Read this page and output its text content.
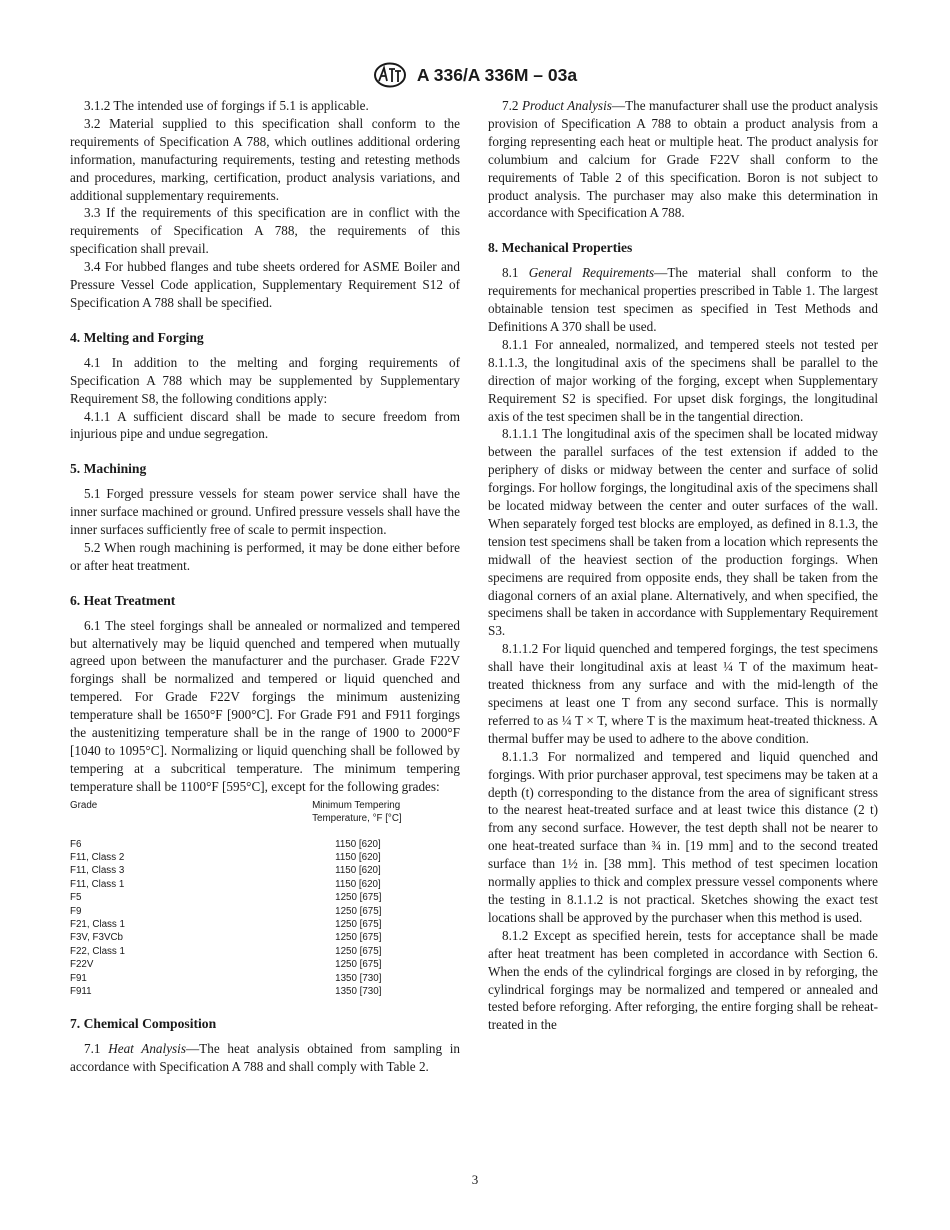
A 336/A 336M – 03a

3.1.2 The intended use of forgings if 5.1 is applicable.

3.2 Material supplied to this specification shall conform to the requirements of Specification A 788, which outlines additional ordering information, manufacturing requirements, testing and retesting methods and procedures, marking, certification, product analysis variations, and additional supplementary requirements.

3.3 If the requirements of this specification are in conflict with the requirements of Specification A 788, the requirements of this specification shall prevail.

3.4 For hubbed flanges and tube sheets ordered for ASME Boiler and Pressure Vessel Code application, Supplementary Requirement S12 of Specification A 788 shall be specified.

4. Melting and Forging

4.1 In addition to the melting and forging requirements of Specification A 788 which may be supplemented by Supplementary Requirement S8, the following conditions apply:

4.1.1 A sufficient discard shall be made to secure freedom from injurious pipe and undue segregation.

5. Machining

5.1 Forged pressure vessels for steam power service shall have the inner surface machined or ground. Unfired pressure vessels shall have the inner surfaces sufficiently free of scale to permit inspection.

5.2 When rough machining is performed, it may be done either before or after heat treatment.

6. Heat Treatment

6.1 The steel forgings shall be annealed or normalized and tempered but alternatively may be liquid quenched and tempered when mutually agreed upon between the manufacturer and the purchaser. Grade F22V forgings shall be normalized and tempered or liquid quenched and tempered. For Grade F22V forgings the minimum austenizing temperature shall be 1650°F [900°C]. For Grade F91 and F911 forgings the austenitizing temperature shall be in the range of 1900 to 2000°F [1040 to 1095°C]. Normalizing or liquid quenching shall be followed by tempering at a subcritical temperature. The minimum tempering temperature shall be 1100°F [595°C], except for the following grades:

Grade	Minimum Tempering
Temperature, °F [°C]
F6	1150 [620]
F11, Class 2	1150 [620]
F11, Class 3	1150 [620]
F11, Class 1	1150 [620]
F5	1250 [675]
F9	1250 [675]
F21, Class 1	1250 [675]
F3V, F3VCb	1250 [675]
F22, Class 1	1250 [675]
F22V	1250 [675]
F91	1350 [730]
F911	1350 [730]
7. Chemical Composition

7.1 Heat Analysis—The heat analysis obtained from sampling in accordance with Specification A 788 and shall comply with Table 2.

7.2 Product Analysis—The manufacturer shall use the product analysis provision of Specification A 788 to obtain a product analysis from a forging representing each heat or multiple heat. The product analysis for columbium and calcium for Grade F22V shall conform to the requirements of Table 2 of this specification. Boron is not subject to product analysis. The purchaser may also make this determination in accordance with Specification A 788.

8. Mechanical Properties

8.1 General Requirements—The material shall conform to the requirements for mechanical properties prescribed in Table 1. The largest obtainable tension test specimen as specified in Test Methods and Definitions A 370 shall be used.

8.1.1 For annealed, normalized, and tempered steels not tested per 8.1.1.3, the longitudinal axis of the specimens shall be parallel to the direction of major working of the forging, except when Supplementary Requirement S2 is specified. For upset disk forgings, the longitudinal axis of the test specimen shall be in the tangential direction.

8.1.1.1 The longitudinal axis of the specimen shall be located midway between the parallel surfaces of the test extension if added to the periphery of disks or midway between the center and surface of solid forgings. For hollow forgings, the longitudinal axis of the specimens shall be located midway between the center and outer surfaces of the wall. When separately forged test blocks are employed, as defined in 8.1.3, the tension test specimens shall be taken from a location which represents the midwall of the heaviest section of the production forgings. When specimens are required from opposite ends, they shall be taken from the diagonal corners of an axial plane. Alternatively, and when specified, the specimens shall be taken in accordance with Supplementary Requirement S3.

8.1.1.2 For liquid quenched and tempered forgings, the test specimens shall have their longitudinal axis at least ¼ T of the maximum heat-treated thickness from any surface and with the mid-length of the specimens at least one T from any second surface. This is normally referred to as ¼ T × T, where T is the maximum heat-treated thickness. A thermal buffer may be used to adhere to the above condition.

8.1.1.3 For normalized and tempered and liquid quenched and forgings. With prior purchaser approval, test specimens may be taken at a depth (t) corresponding to the distance from the area of significant stress to the nearest heat-treated surface and at least twice this distance (2 t) from any second surface. However, the test depth shall not be nearer to one heat-treated surface than ¾ in. [19 mm] and to the second treated surface than 1½ in. [38 mm]. This method of test specimen location normally applies to thick and complex pressure vessel components where the testing in 8.1.1.2 is not practical. Sketches showing the exact test locations shall be approved by the purchaser when this method is used.

8.1.2 Except as specified herein, tests for acceptance shall be made after heat treatment has been completed in accordance with Section 6. When the ends of the cylindrical forgings are closed in by reforging, the cylindrical forgings may be normalized and tempered or annealed and tested before reforging. After reforging, the entire forging shall be reheat-treated in the

3
